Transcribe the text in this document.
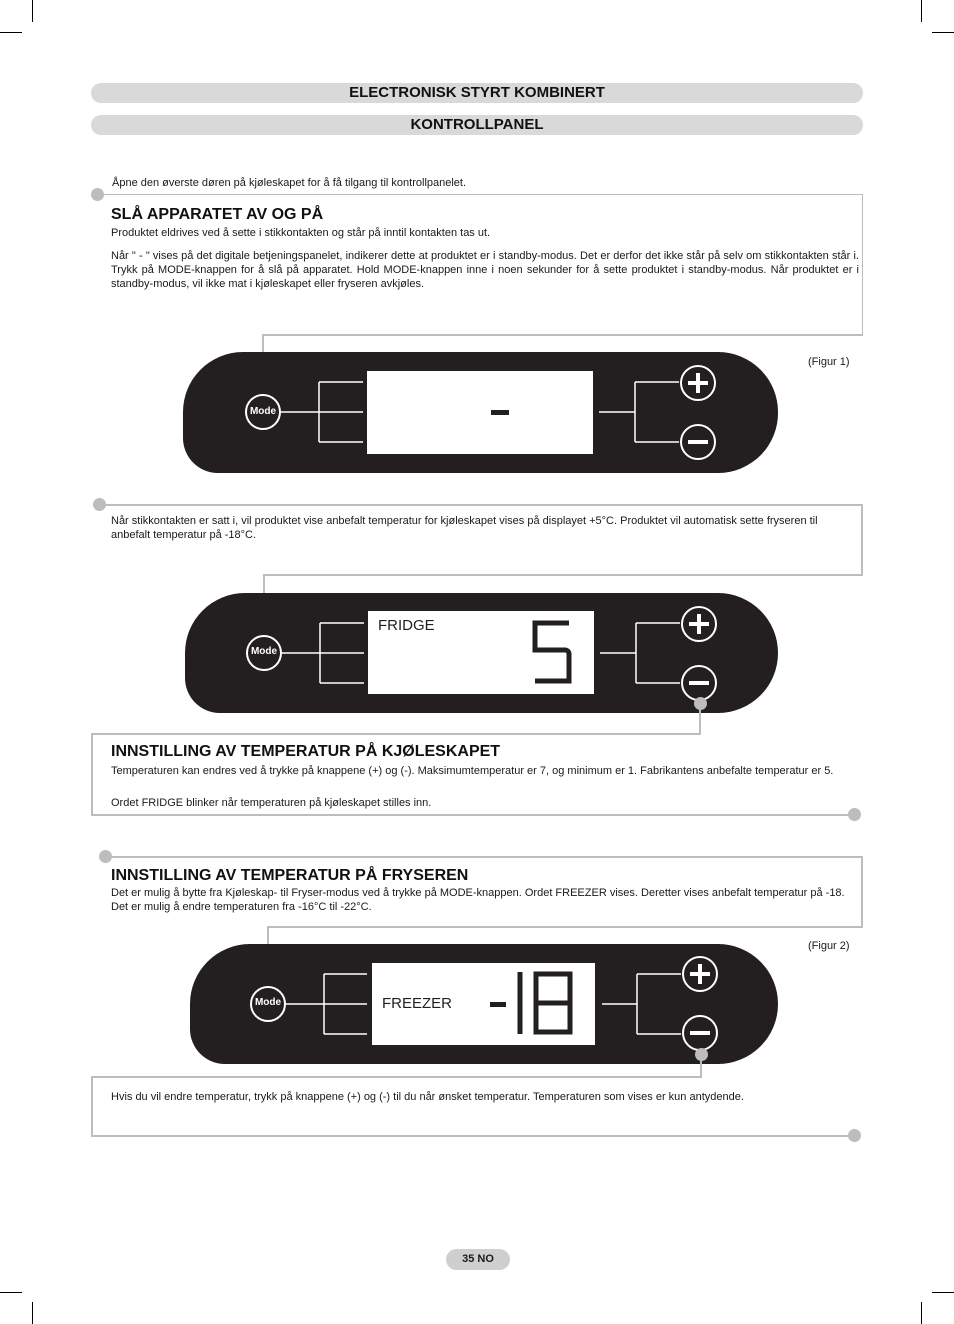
ELECTRONISK STYRT KOMBINERT
KONTROLLPANEL
Åpne den øverste døren på kjøleskapet for å få tilgang til kontrollpanelet.
SLÅ APPARATET AV OG PÅ
Produktet eldrives ved å sette i stikkontakten og står på inntil kontakten tas ut.
Når " - " vises på det digitale betjeningspanelet, indikerer dette at produktet er i standby-modus. Det er derfor det ikke står på selv om stikkontakten står i. Trykk på MODE-knappen for å slå på apparatet. Hold MODE-knappen inne i noen sekunder for å sette produktet i standby-modus. Når produktet er i standby-modus, vil ikke mat i kjøleskapet eller fryseren avkjøles.
(Figur 1)
Mode
Når stikkontakten er satt i, vil produktet vise anbefalt temperatur for kjøleskapet vises på displayet +5°C. Produktet vil automatisk sette fryseren til anbefalt temperatur på -18°C.
FRIDGE
Mode
INNSTILLING AV TEMPERATUR PÅ KJØLESKAPET
Temperaturen kan endres ved å trykke på knappene (+) og (-). Maksimumtemperatur er 7, og minimum er 1. Fabrikantens anbefalte temperatur er 5.
Ordet FRIDGE blinker når temperaturen på kjøleskapet stilles inn.
INNSTILLING AV TEMPERATUR PÅ FRYSEREN
Det er mulig å bytte fra Kjøleskap- til Fryser-modus ved å trykke på MODE-knappen. Ordet FREEZER vises. Deretter vises anbefalt temperatur på -18. Det er mulig å endre temperaturen fra -16°C til -22°C.
(Figur 2)
FREEZER
Mode
Hvis du vil endre temperatur, trykk på knappene (+) og (-) til du når ønsket temperatur. Temperaturen som vises er kun antydende.
35 NO
